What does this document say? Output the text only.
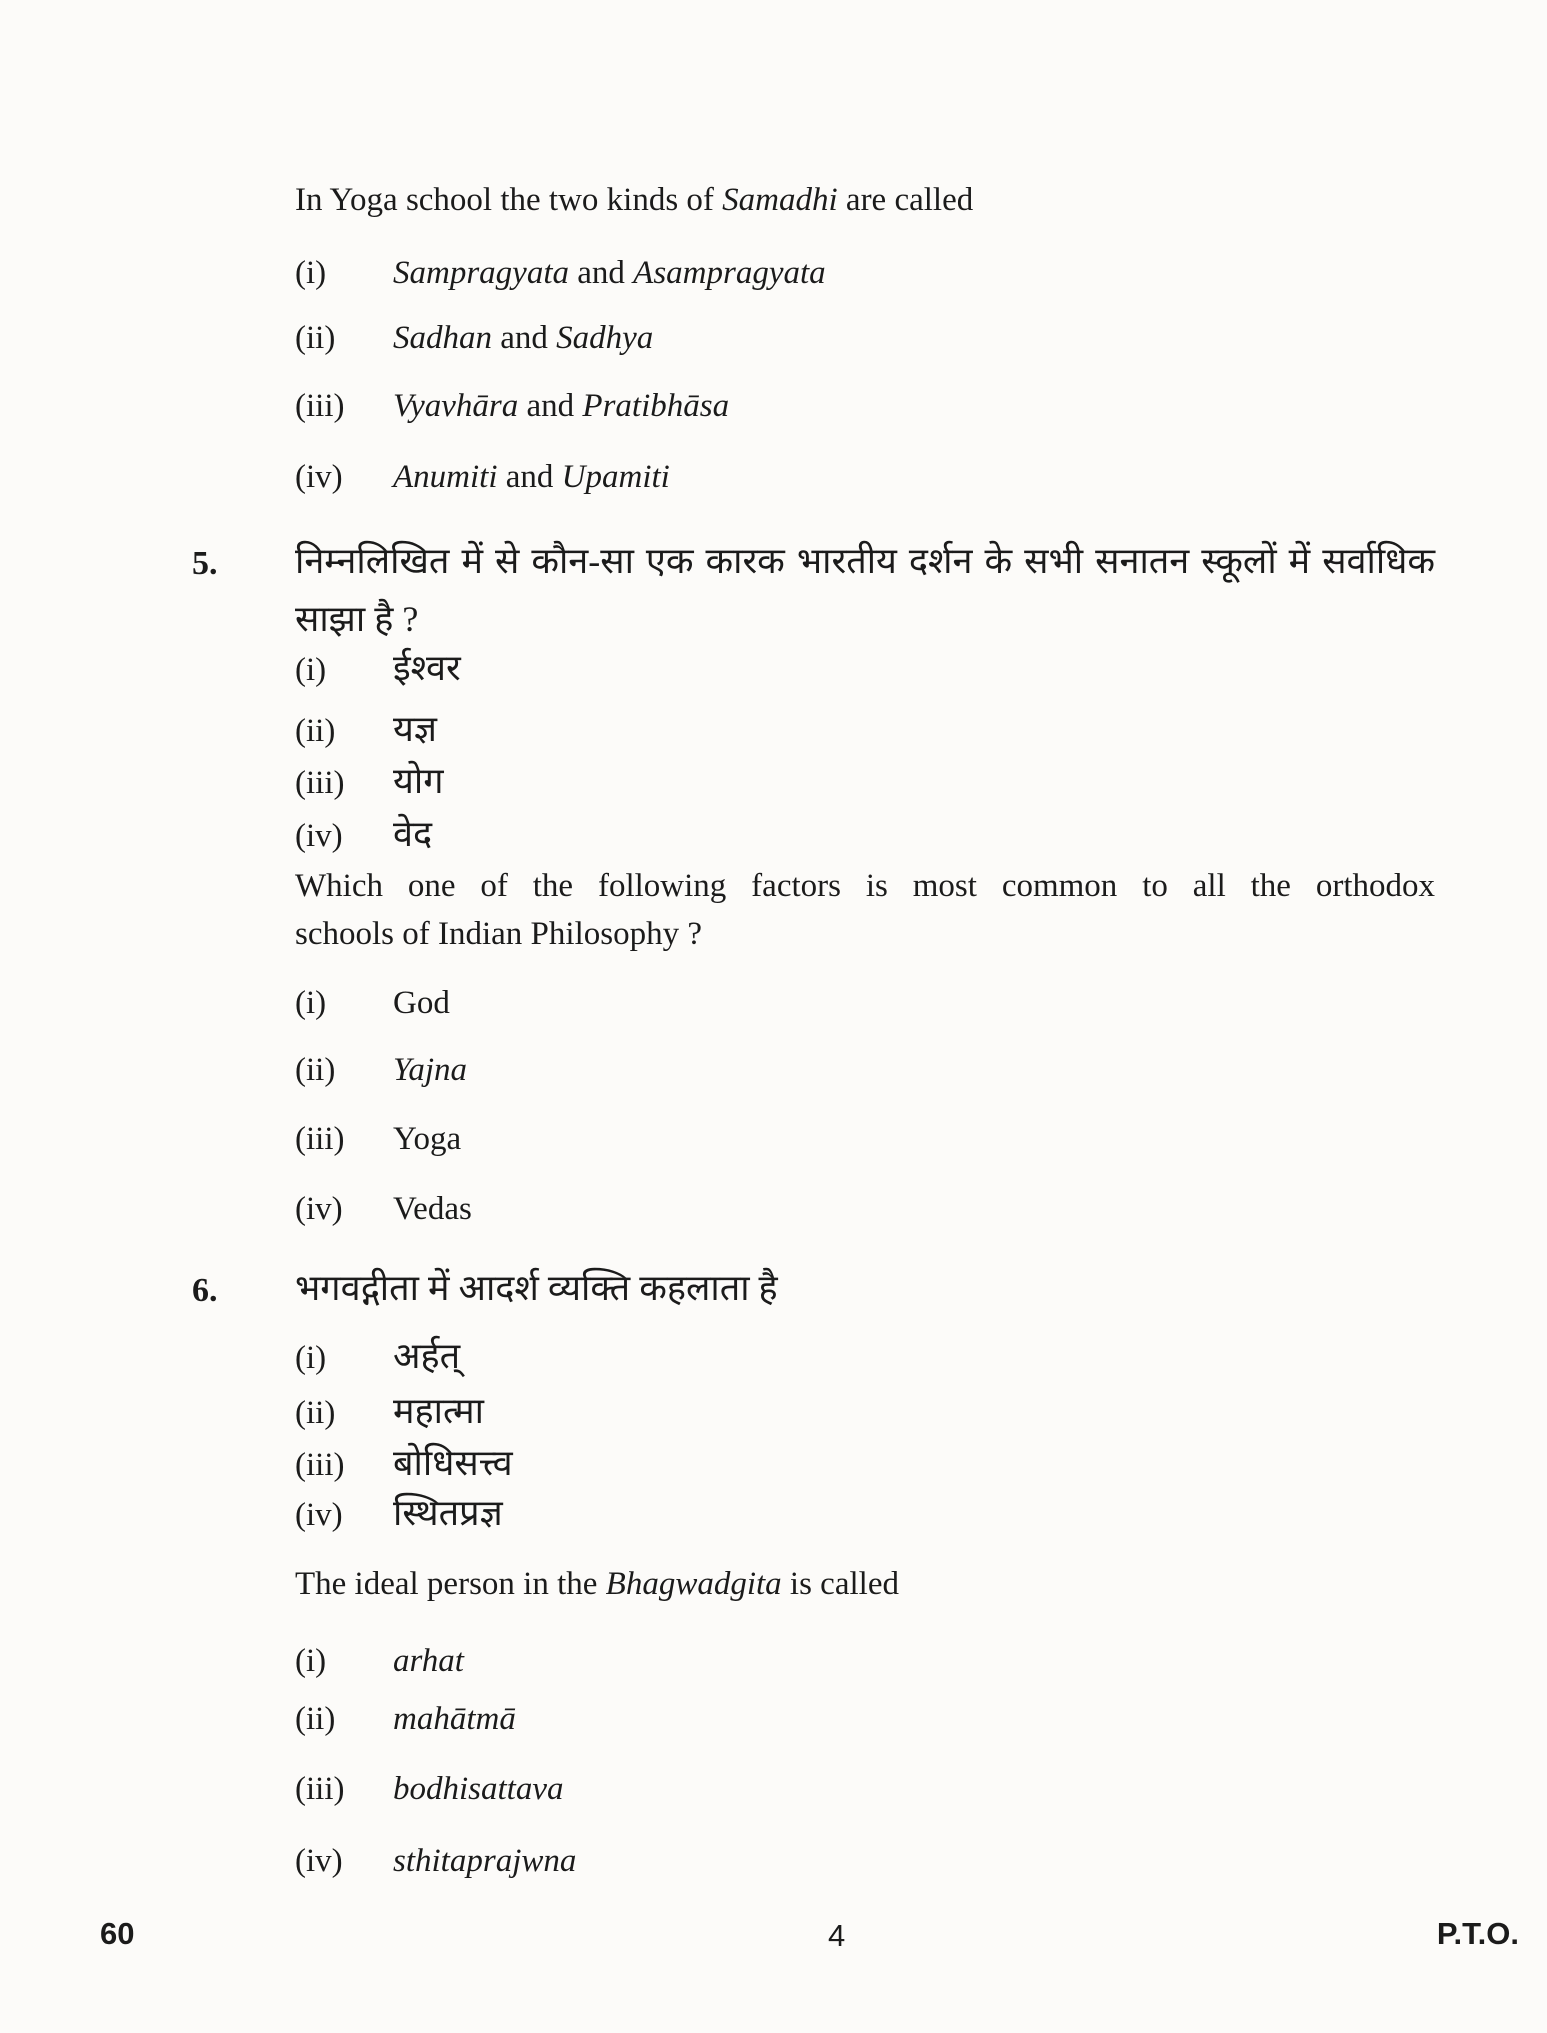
In Yoga school the two kinds of Samadhi are called
(i)	Sampragyata and Asampragyata
(ii)	Sadhan and Sadhya
(iii)	Vyavhāra and Pratibhāsa
(iv)	Anumiti and Upamiti
5. निम्नलिखित में से कौन-सा एक कारक भारतीय दर्शन के सभी सनातन स्कूलों में सर्वाधिक
साझा है ?
(i)	ईश्वर
(ii)	यज्ञ
(iii)	योग
(iv)	वेद
Which one of the following factors is most common to all the orthodox
schools of Indian Philosophy ?
(i)	God
(ii)	Yajna
(iii)	Yoga
(iv)	Vedas
6. भगवद्गीता में आदर्श व्यक्ति कहलाता है
(i)	अर्हत्
(ii)	महात्मा
(iii)	बोधिसत्त्व
(iv)	स्थितप्रज्ञ
The ideal person in the Bhagwadgita is called
(i)	arhat
(ii)	mahātmā
(iii)	bodhisattava
(iv)	sthitaprajwna
60	4	P.T.O.
